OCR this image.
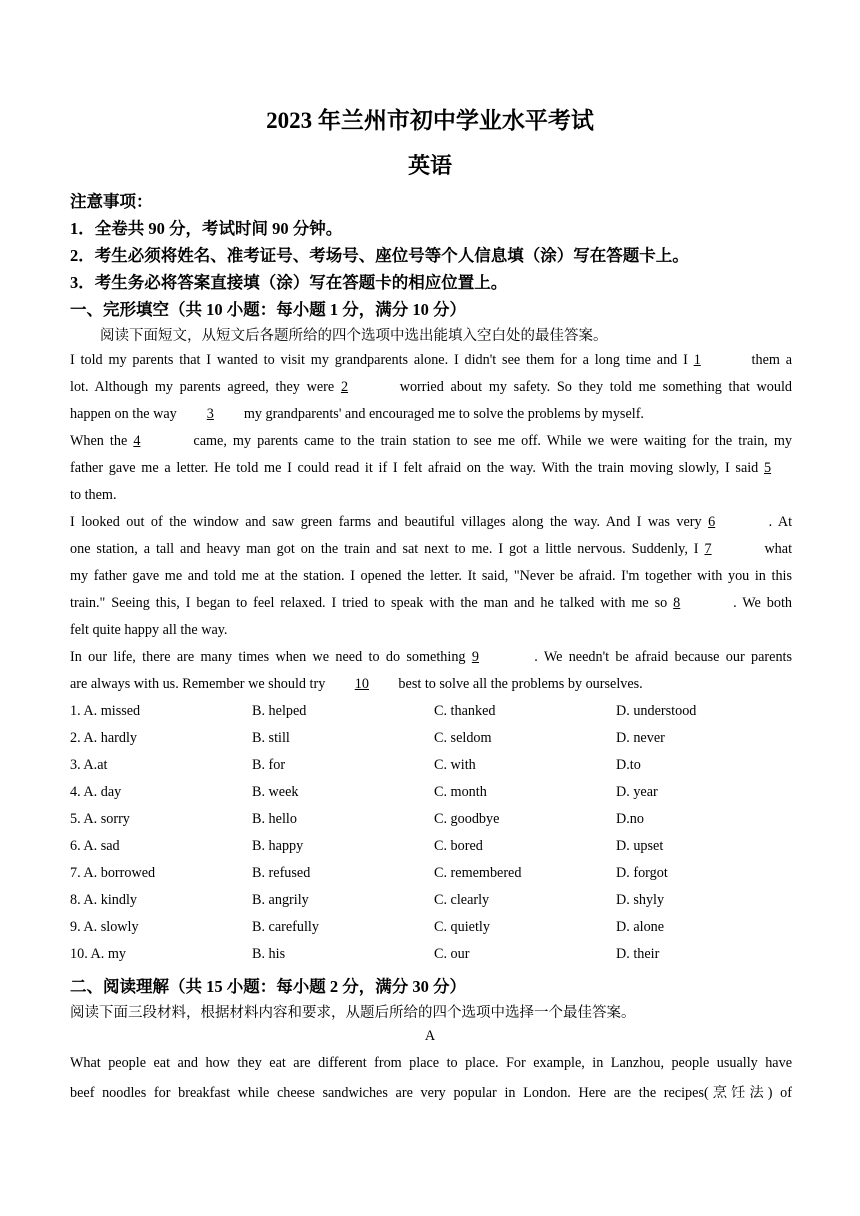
2023 年兰州市初中学业水平考试
英语
注意事项：
1．全卷共 90 分，考试时间 90 分钟。
2．考生必须将姓名、准考证号、考场号、座位号等个人信息填（涂）写在答题卡上。
3．考生务必将答案直接填（涂）写在答题卡的相应位置上。
一、完形填空（共 10 小题：每小题 1 分，满分 10 分）
阅读下面短文，从短文后各题所给的四个选项中选出能填入空白处的最佳答案。
I told my parents that I wanted to visit my grandparents alone. I didn't see them for a long time and I 1	them a
lot. Although my parents agreed, they were 2	worried about my safety. So they told me something that would
happen on the way 3 my grandparents' and encouraged me to solve the problems by myself.
When the 4	came, my parents came to the train station to see me off. While we were waiting for the train, my
father gave me a letter. He told me I could read it if I felt afraid on the way. With the train moving slowly, I said 5
to them.
I looked out of the window and saw green farms and beautiful villages along the way. And I was very 6	. At
one station, a tall and heavy man got on the train and sat next to me. I got a little nervous. Suddenly, I 7	what
my father gave me and told me at the station. I opened the letter. It said, "Never be afraid. I'm together with you in this
train." Seeing this, I began to feel relaxed. I tried to speak with the man and he talked with me so 8	. We both
felt quite happy all the way.
In our life, there are many times when we need to do something 9	. We needn't be afraid because our parents
are always with us. Remember we should try 10 best to solve all the problems by ourselves.
1. A. missed	B. helped	C. thanked	D. understood
2. A. hardly	B. still	C. seldom	D. never
3. A.at	B. for	C. with	D.to
4. A. day	B. week	C. month	D. year
5. A. sorry	B. hello	C. goodbye	D.no
6. A. sad	B. happy	C. bored	D. upset
7. A. borrowed	B. refused	C. remembered	D. forgot
8. A. kindly	B. angrily	C. clearly	D. shyly
9. A. slowly	B. carefully	C. quietly	D. alone
10. A. my	B. his	C. our	D. their
二、阅读理解（共 15 小题：每小题 2 分，满分 30 分）
阅读下面三段材料，根据材料内容和要求，从题后所给的四个选项中选择一个最佳答案。
A
What people eat and how they eat are different from place to place. For example, in Lanzhou, people usually have
beef noodles for breakfast while cheese sandwiches are very popular in London. Here are the recipes(烹饪法) of
